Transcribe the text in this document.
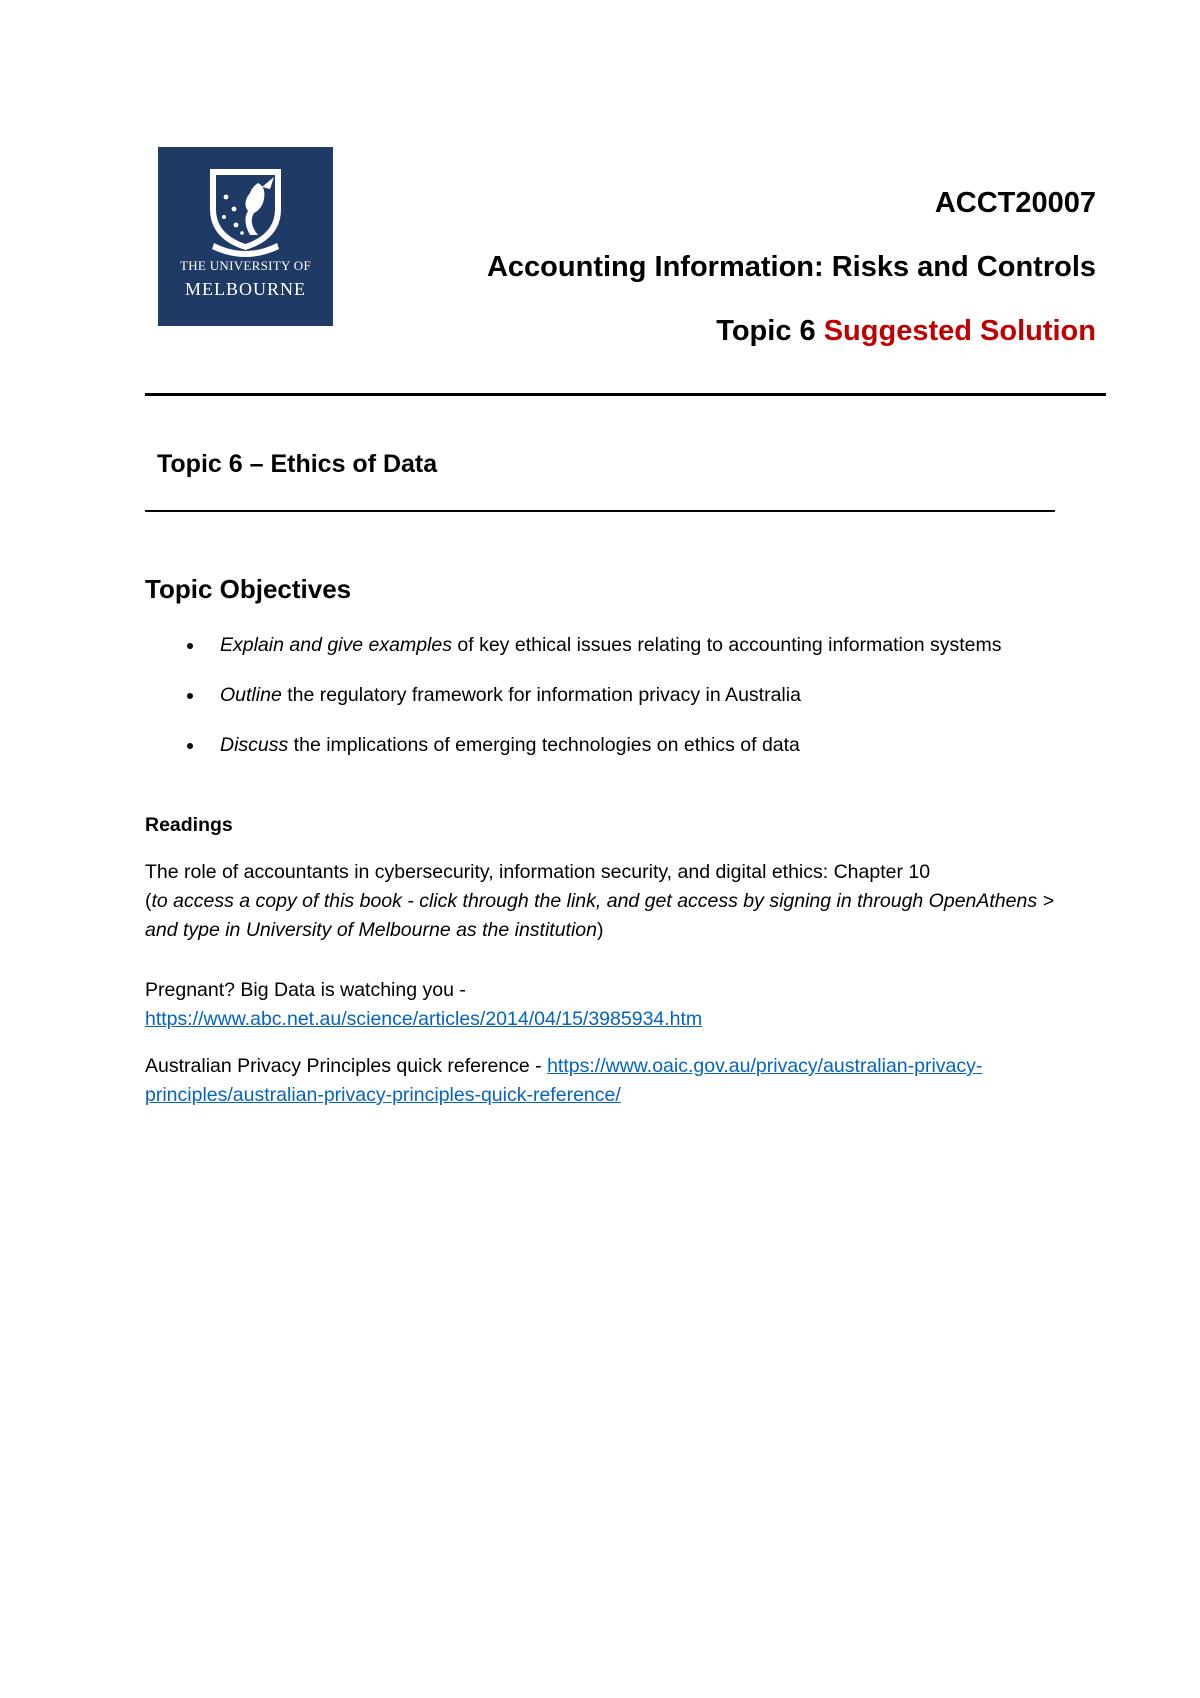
THE UNIVERSITY OF
MELBOURNE
ACCT20007
Accounting Information: Risks and Controls
Topic 6 Suggested Solution
Topic 6 – Ethics of Data
Topic Objectives
Explain and give examples of key ethical issues relating to accounting information systems
Outline the regulatory framework for information privacy in Australia
Discuss the implications of emerging technologies on ethics of data
Readings
The role of accountants in cybersecurity, information security, and digital ethics: Chapter 10
(to access a copy of this book - click through the link, and get access by signing in through OpenAthens > and type in University of Melbourne as the institution)
Pregnant? Big Data is watching you -
https://www.abc.net.au/science/articles/2014/04/15/3985934.htm
Australian Privacy Principles quick reference - https://www.oaic.gov.au/privacy/australian-privacy-principles/australian-privacy-principles-quick-reference/
